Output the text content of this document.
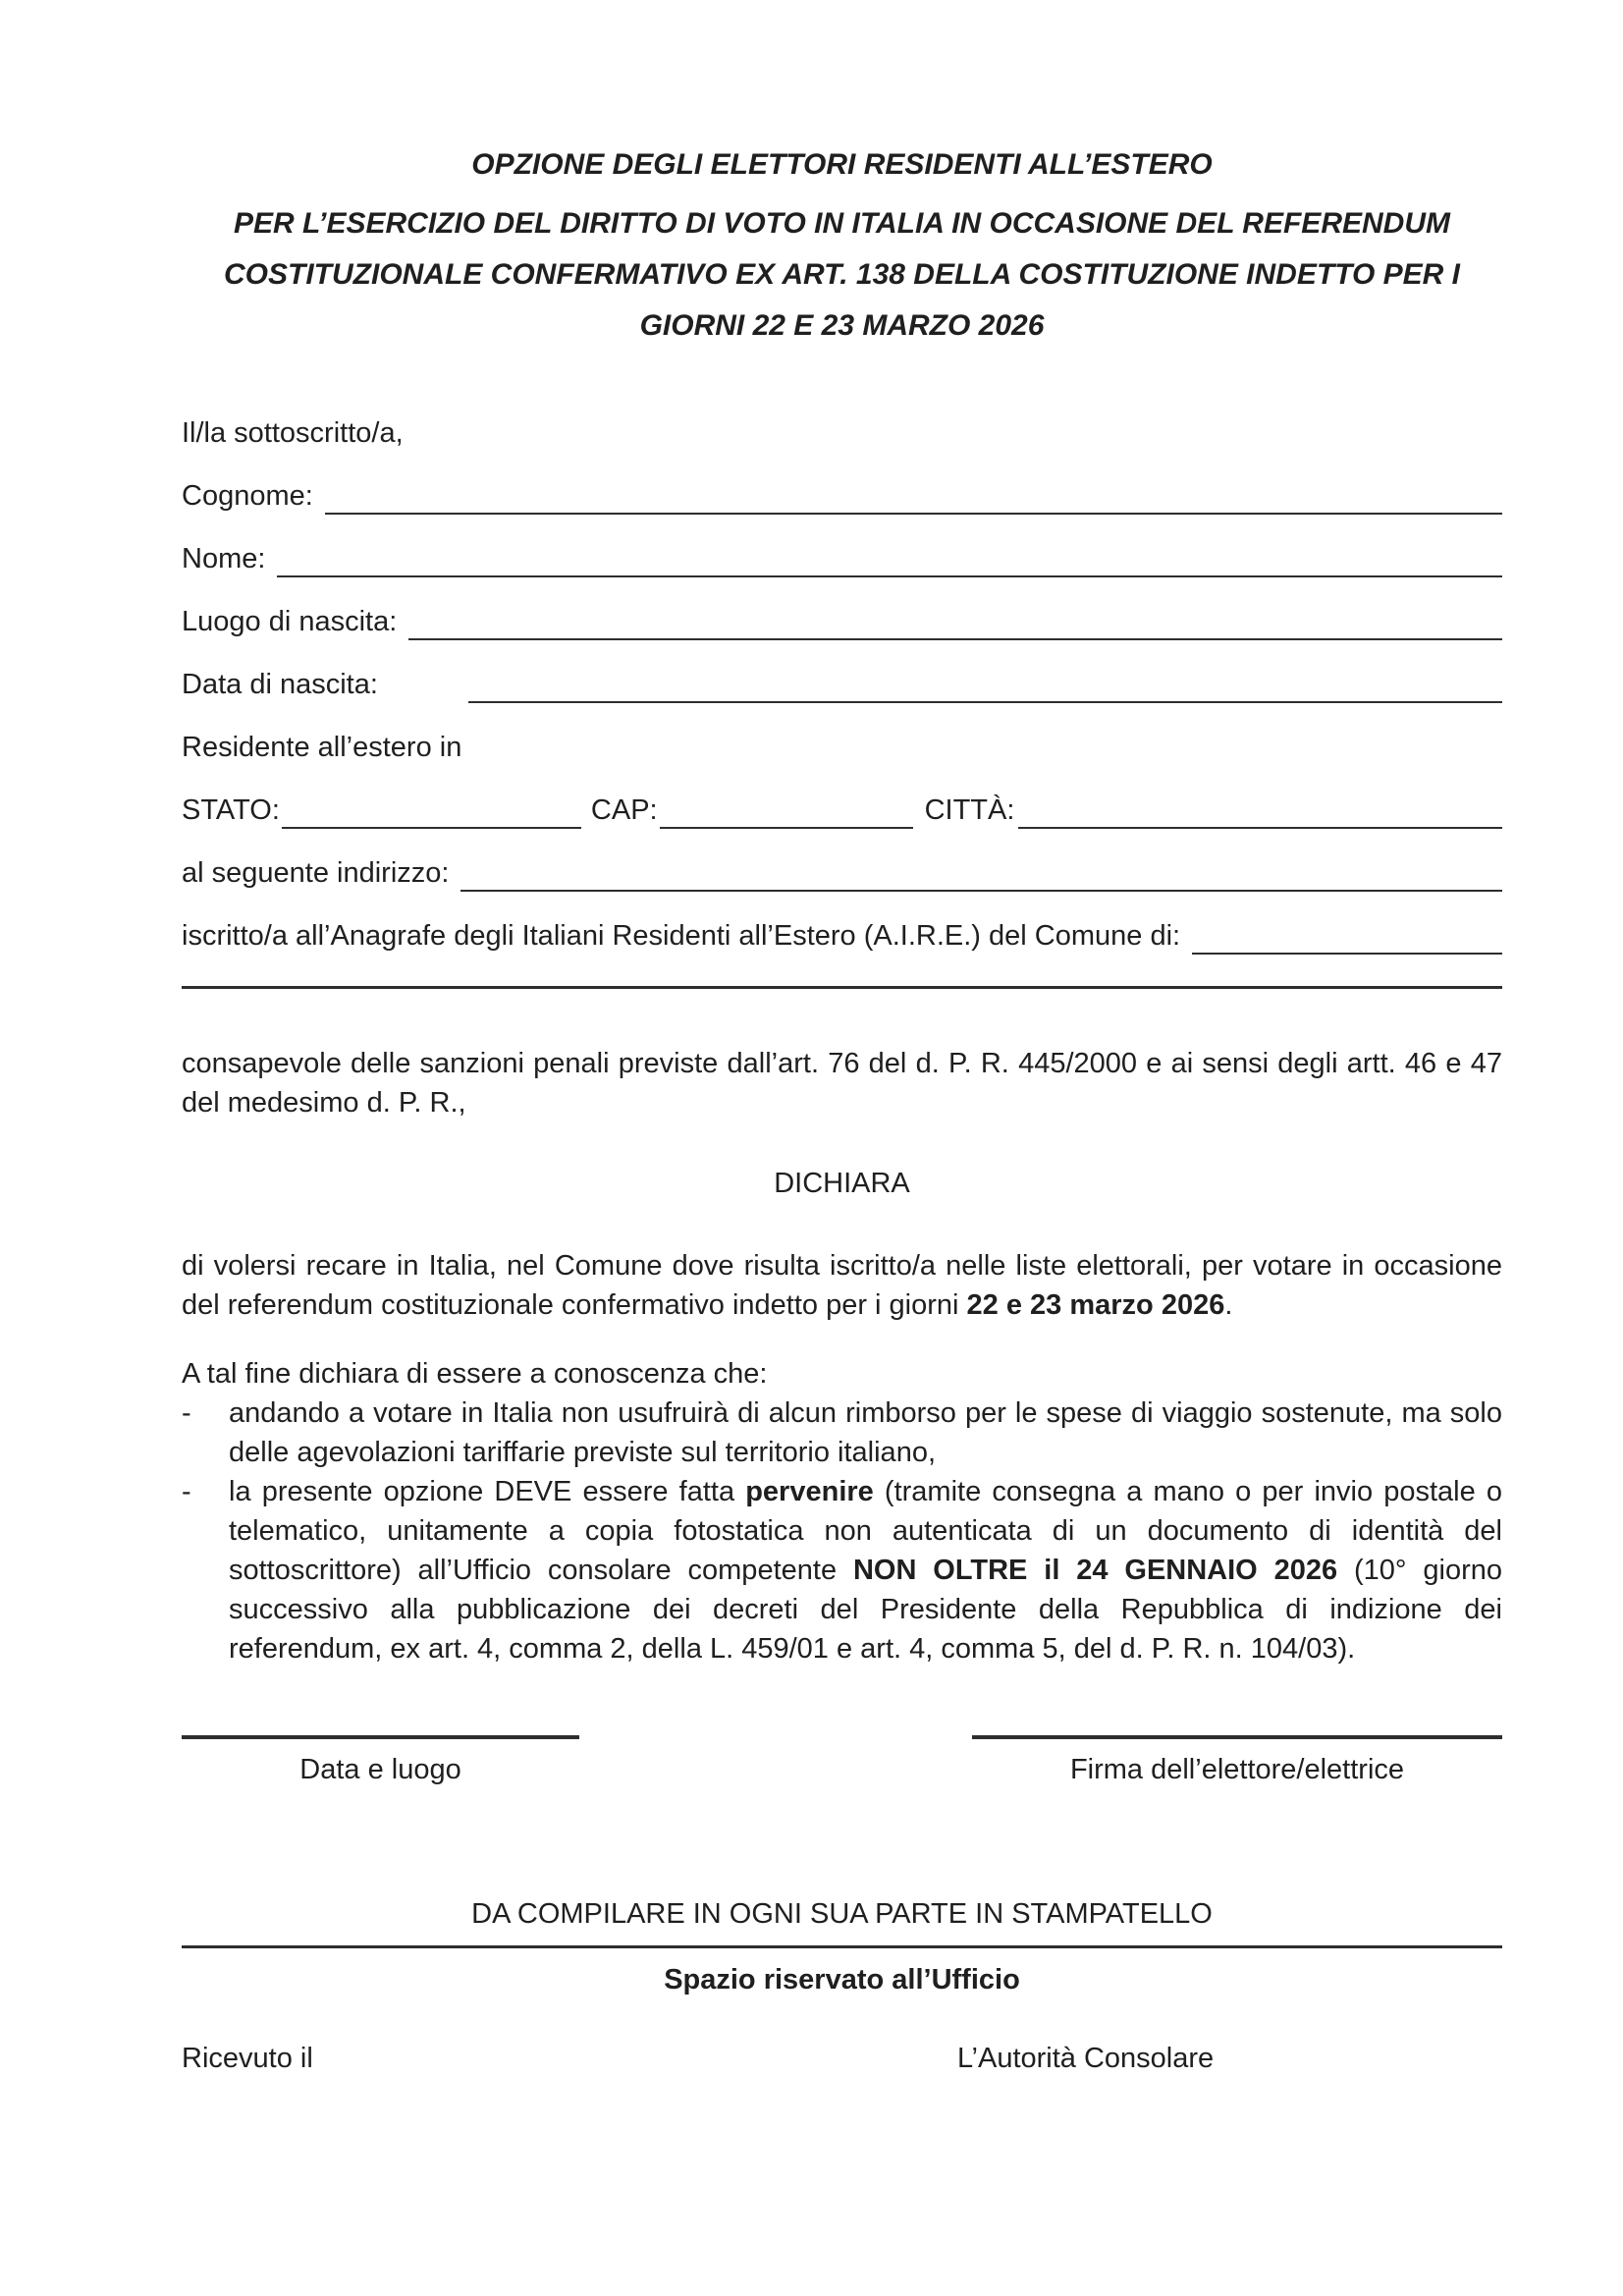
OPZIONE DEGLI ELETTORI RESIDENTI ALL’ESTERO
PER L’ESERCIZIO DEL DIRITTO DI VOTO IN ITALIA IN OCCASIONE DEL REFERENDUM
COSTITUZIONALE CONFERMATIVO EX ART. 138 DELLA COSTITUZIONE INDETTO PER I
GIORNI 22 E 23 MARZO 2026
Il/la sottoscritto/a,
Cognome:
Nome:
Luogo di nascita:
Data di nascita:
Residente all’estero in
STATO:	CAP:	CITTÀ:
al seguente indirizzo:
iscritto/a all’Anagrafe degli Italiani Residenti all’Estero (A.I.R.E.) del Comune di:
consapevole delle sanzioni penali previste dall’art. 76 del d. P. R. 445/2000 e ai sensi degli artt. 46 e 47 del medesimo d. P. R.,
DICHIARA
di volersi recare in Italia, nel Comune dove risulta iscritto/a nelle liste elettorali, per votare in occasione del referendum costituzionale confermativo indetto per i giorni 22 e 23 marzo 2026.
A tal fine dichiara di essere a conoscenza che:
-	andando a votare in Italia non usufruirà di alcun rimborso per le spese di viaggio sostenute, ma solo delle agevolazioni tariffarie previste sul territorio italiano,
-	la presente opzione DEVE essere fatta pervenire (tramite consegna a mano o per invio postale o telematico, unitamente a copia fotostatica non autenticata di un documento di identità del sottoscrittore) all’Ufficio consolare competente NON OLTRE il 24 GENNAIO 2026 (10° giorno successivo alla pubblicazione dei decreti del Presidente della Repubblica di indizione dei referendum, ex art. 4, comma 2, della L. 459/01 e art. 4, comma 5, del d. P. R. n. 104/03).
Data e luogo	Firma dell’elettore/elettrice
DA COMPILARE IN OGNI SUA PARTE IN STAMPATELLO
Spazio riservato all’Ufficio
Ricevuto il	L’Autorità Consolare
